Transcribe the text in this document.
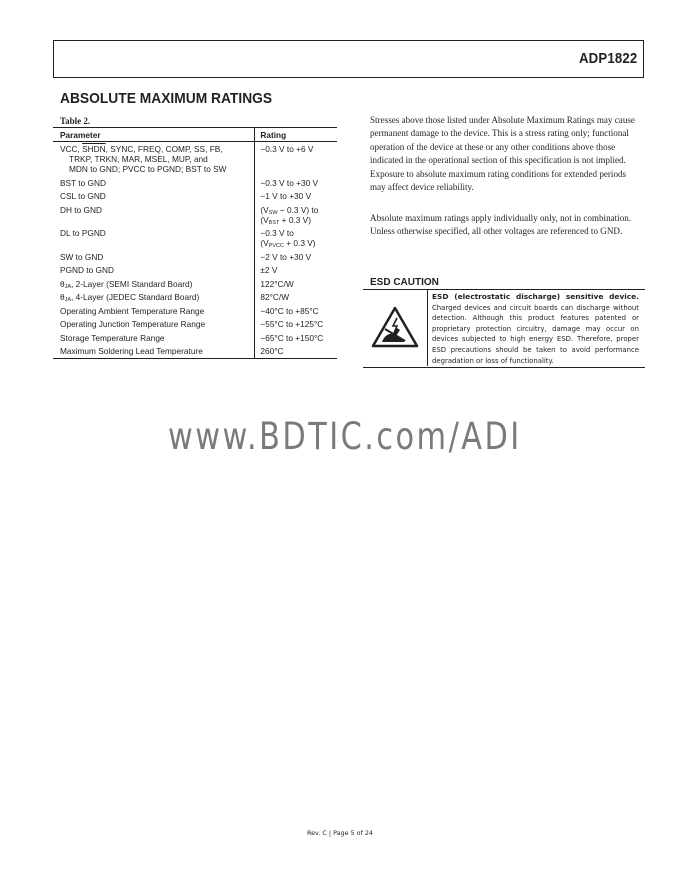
ADP1822
ABSOLUTE MAXIMUM RATINGS
Table 2.
Parameter	Rating
VCC, SHDN, SYNC, FREQ, COMP, SS, FB,
TRKP, TRKN, MAR, MSEL, MUP, and
MDN to GND; PVCC to PGND; BST to SW	−0.3 V to +6 V
BST to GND	−0.3 V to +30 V
CSL to GND	−1 V to +30 V
DH to GND	($V_{SW} - 0.3$ V) to
($V_{BST} + 0.3$ V)
DL to PGND	−0.3 V to
($V_{PVCC} + 0.3$ V)
SW to GND	−2 V to +30 V
PGND to GND	±2 V
$\theta_{JA}$, 2-Layer (SEMI Standard Board)	122°C/W
$\theta_{JA}$, 4-Layer (JEDEC Standard Board)	82°C/W
Operating Ambient Temperature Range	−40°C to +85°C
Operating Junction Temperature Range	−55°C to +125°C
Storage Temperature Range	−65°C to +150°C
Maximum Soldering Lead Temperature	260°C

Stresses above those listed under Absolute Maximum Ratings may cause permanent damage to the device. This is a stress rating only; functional operation of the device at these or any other conditions above those indicated in the operational section of this specification is not implied. Exposure to absolute maximum rating conditions for extended periods may affect device reliability.

Absolute maximum ratings apply individually only, not in combination. Unless otherwise specified, all other voltages are referenced to GND.

ESD CAUTION
ESD (electrostatic discharge) sensitive device. Charged devices and circuit boards can discharge without detection. Although this product features patented or proprietary protection circuitry, damage may occur on devices subjected to high energy ESD. Therefore, proper ESD precautions should be taken to avoid performance degradation or loss of functionality.
www.BDTIC.com/ADI
Rev. C | Page 5 of 24
